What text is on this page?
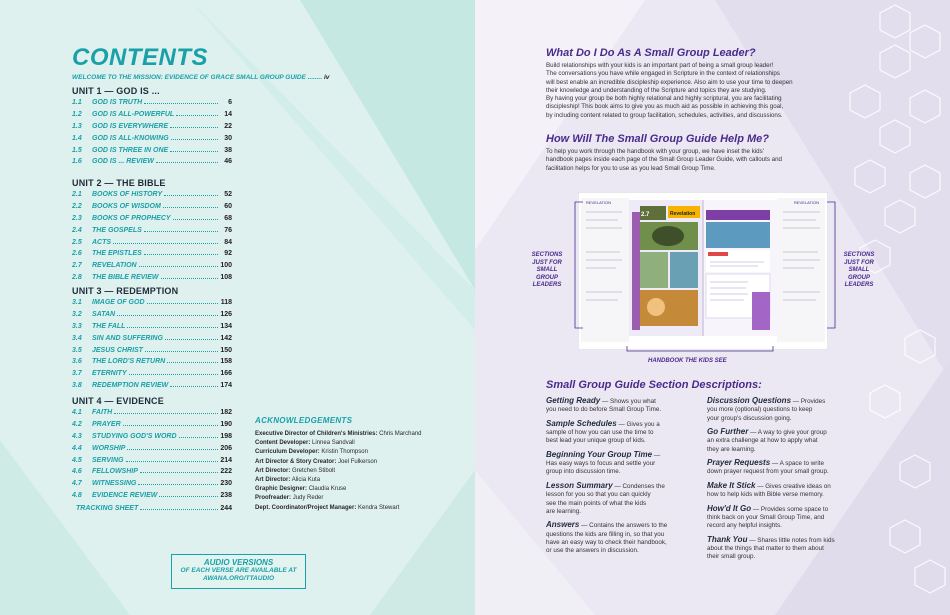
CONTENTS
WELCOME TO THE MISSION: EVIDENCE OF GRACE SMALL GROUP GUIDE ........ iv
UNIT 1 — GOD IS ...
1.1	GOD IS TRUTH	6
1.2	GOD IS ALL-POWERFUL	14
1.3	GOD IS EVERYWHERE	22
1.4	GOD IS ALL-KNOWING	30
1.5	GOD IS THREE IN ONE	38
1.6	GOD IS ... REVIEW	46
UNIT 2 — THE BIBLE
2.1	BOOKS OF HISTORY	52
2.2	BOOKS OF WISDOM	60
2.3	BOOKS OF PROPHECY	68
2.4	THE GOSPELS	76
2.5	ACTS	84
2.6	THE EPISTLES	92
2.7	REVELATION	100
2.8	THE BIBLE REVIEW	108
UNIT 3 — REDEMPTION
3.1	IMAGE OF GOD	118
3.2	SATAN	126
3.3	THE FALL	134
3.4	SIN AND SUFFERING	142
3.5	JESUS CHRIST	150
3.6	THE LORD'S RETURN	158
3.7	ETERNITY	166
3.8	REDEMPTION REVIEW	174
UNIT 4 — EVIDENCE
4.1	FAITH	182
4.2	PRAYER	190
4.3	STUDYING GOD'S WORD	198
4.4	WORSHIP	206
4.5	SERVING	214
4.6	FELLOWSHIP	222
4.7	WITNESSING	230
4.8	EVIDENCE REVIEW	238
TRACKING SHEET	244
ACKNOWLEDGEMENTS
Executive Director of Children's Ministries: Chris Marchand
Content Developer: Linnea Sandvall
Curriculum Developer: Kristin Thompson
Art Director & Story Creator: Joel Fulkerson
Art Director: Gretchen Stibolt
Art Director: Alicia Kuta
Graphic Designer: Claudia Kruse
Proofreader: Judy Reder
Dept. Coordinator/Project Manager: Kendra Stewart
AUDIO VERSIONS
OF EACH VERSE ARE AVAILABLE AT
AWANA.ORG/TTAUDIO
What Do I Do As A Small Group Leader?
Build relationships with your kids is an important part of being a small group leader!
The conversations you have while engaged in Scripture in the context of relationships
will best enable an incredible discipleship experience. Also aim to use your time to deepen
their knowledge and understanding of the Scripture and topics they are studying.
By having your group be both highly relational and highly scriptural, you are facilitating
discipleship! This book aims to give you as much aid as possible in achieving this goal,
by including content related to group facilitation, schedules, activities, and discussions.
How Will The Small Group Guide Help Me?
To help you work through the handbook with your group, we have inset the kids'
handbook pages inside each page of the Small Group Leader Guide, with callouts and
facilitation helps for you to use as you lead Small Group Time.
REVELATION	REVELATION
2.7	Revelation
SECTIONS
JUST FOR
SMALL
GROUP
LEADERS
SECTIONS
JUST FOR
SMALL
GROUP
LEADERS
HANDBOOK THE KIDS SEE
Small Group Guide Section Descriptions:
Getting Ready — Shows you what
you need to do before Small Group Time.
Sample Schedules — Gives you a
sample of how you can use the time to
best lead your unique group of kids.
Beginning Your Group Time —
Has easy ways to focus and settle your
group into discussion time.
Lesson Summary — Condenses the
lesson for you so that you can quickly
see the main points of what the kids
are learning.
Answers — Contains the answers to the
questions the kids are filling in, so that you
have an easy way to check their handbook,
or use the answers in discussion.
Discussion Questions — Provides
you more (optional) questions to keep
your group's discussion going.
Go Further — A way to give your group
an extra challenge at how to apply what
they are learning.
Prayer Requests — A space to write
down prayer request from your small group.
Make It Stick — Gives creative ideas on
how to help kids with Bible verse memory.
How'd It Go — Provides some space to
think back on your Small Group Time, and
record any helpful insights.
Thank You — Shares little notes from kids
about the things that matter to them about
their small group.
